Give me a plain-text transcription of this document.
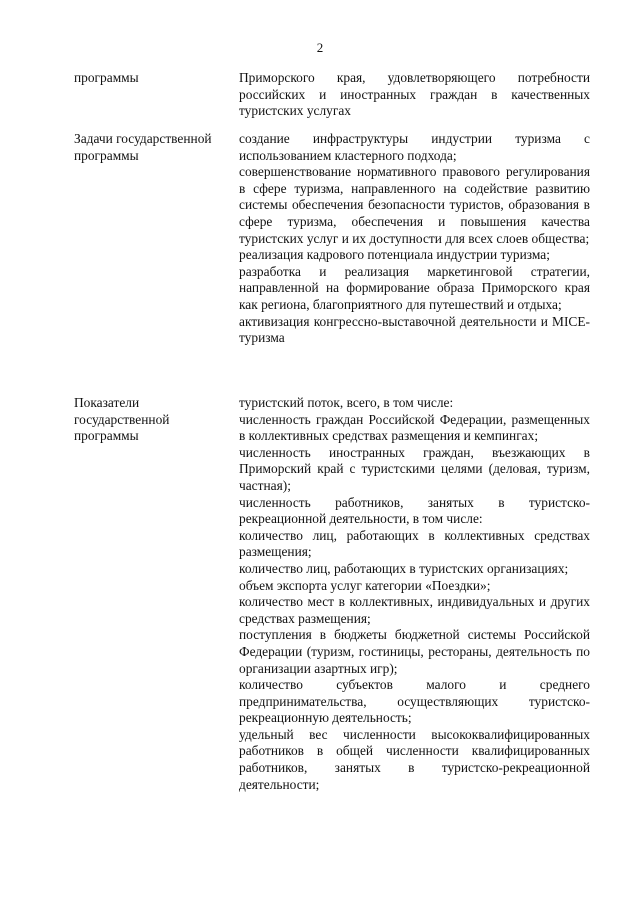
2

программы	Приморского края, удовлетворяющего потребности российских и иностранных граждан в качественных туристских услугах

Задачи государственной

программы

создание инфраструктуры индустрии туризма с использованием кластерного подхода;

совершенствование нормативного правового регулирования в сфере туризма, направленного на содействие развитию системы обеспечения безопасности туристов, образования в сфере туризма, обеспечения и повышения качества туристских услуг и их доступности для всех слоев общества;

реализация кадрового потенциала индустрии туризма;

разработка и реализация маркетинговой стратегии, направленной на формирование образа Приморского края как региона, благоприятного для путешествий и отдыха;

активизация конгрессно-выставочной деятельности и MICE-туризма

Показатели

государственной

программы

туристский поток, всего, в том числе:

численность граждан Российской Федерации, размещенных в коллективных средствах размещения и кемпингах;

численность иностранных граждан, въезжающих в Приморский край с туристскими целями (деловая, туризм, частная);

численность работников, занятых в туристско-рекреационной деятельности, в том числе:

количество лиц, работающих в коллективных средствах размещения;

количество лиц, работающих в туристских организациях;

объем экспорта услуг категории «Поездки»;

количество мест в коллективных, индивидуальных и других средствах размещения;

поступления в бюджеты бюджетной системы Российской Федерации (туризм, гостиницы, рестораны, деятельность по организации азартных игр);

количество субъектов малого и среднего предпринимательства, осуществляющих туристско-рекреационную деятельность;

удельный вес численности высококвалифицированных работников в общей численности квалифицированных работников, занятых в туристско-рекреационной деятельности;
